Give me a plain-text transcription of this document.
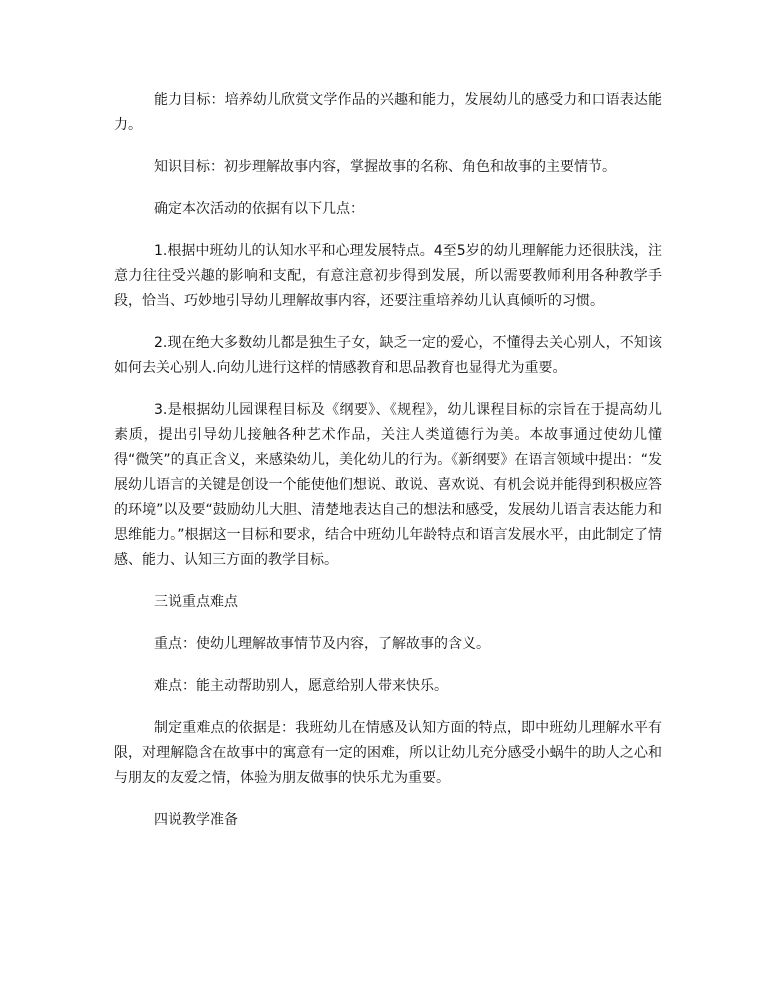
能力目标：培养幼儿欣赏文学作品的兴趣和能力，发展幼儿的感受力和口语表达能力。

知识目标：初步理解故事内容，掌握故事的名称、角色和故事的主要情节。

确定本次活动的依据有以下几点：

1.根据中班幼儿的认知水平和心理发展特点。4至5岁的幼儿理解能力还很肤浅，注意力往往受兴趣的影响和支配，有意注意初步得到发展，所以需要教师利用各种教学手段，恰当、巧妙地引导幼儿理解故事内容，还要注重培养幼儿认真倾听的习惯。

2.现在绝大多数幼儿都是独生子女，缺乏一定的爱心，不懂得去关心别人，不知该如何去关心别人.向幼儿进行这样的情感教育和思品教育也显得尤为重要。

3.是根据幼儿园课程目标及《纲要》、《规程》，幼儿课程目标的宗旨在于提高幼儿素质，提出引导幼儿接触各种艺术作品，关注人类道德行为美。本故事通过使幼儿懂得“微笑”的真正含义，来感染幼儿，美化幼儿的行为。《新纲要》在语言领域中提出：“发展幼儿语言的关键是创设一个能使他们想说、敢说、喜欢说、有机会说并能得到积极应答的环境”以及要“鼓励幼儿大胆、清楚地表达自己的想法和感受，发展幼儿语言表达能力和思维能力。”根据这一目标和要求，结合中班幼儿年龄特点和语言发展水平，由此制定了情感、能力、认知三方面的教学目标。

三说重点难点

重点：使幼儿理解故事情节及内容，了解故事的含义。

难点：能主动帮助别人，愿意给别人带来快乐。

制定重难点的依据是：我班幼儿在情感及认知方面的特点，即中班幼儿理解水平有限，对理解隐含在故事中的寓意有一定的困难，所以让幼儿充分感受小蜗牛的助人之心和与朋友的友爱之情，体验为朋友做事的快乐尤为重要。

四说教学准备
